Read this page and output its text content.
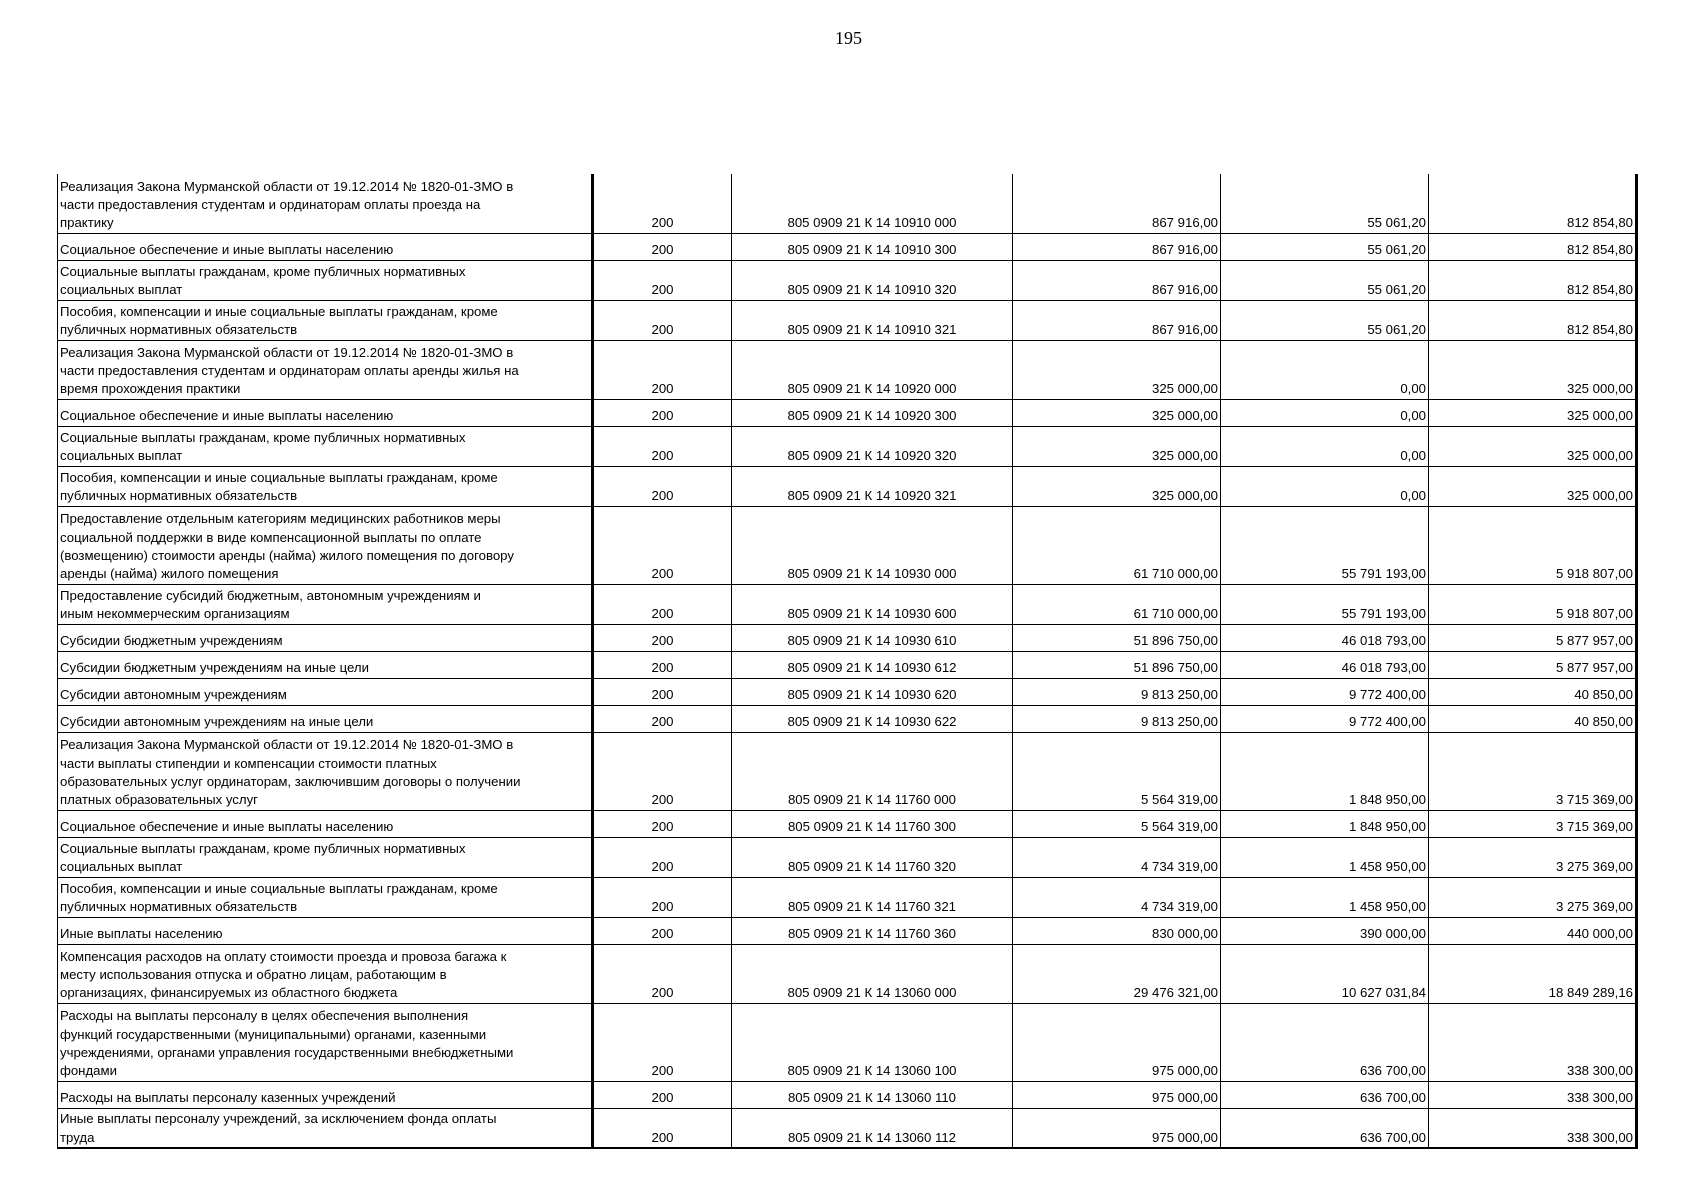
195
Реализация Закона Мурманской области от 19.12.2014 № 1820-01-ЗМО в
части предоставления студентам и ординаторам оплаты проезда на
практику	200	805 0909 21 К 14 10910 000	867 916,00	55 061,20	812 854,80

Социальное обеспечение и иные выплаты населению	200	805 0909 21 К 14 10910 300	867 916,00	55 061,20	812 854,80

Социальные выплаты гражданам, кроме публичных нормативных
социальных выплат	200	805 0909 21 К 14 10910 320	867 916,00	55 061,20	812 854,80

Пособия, компенсации и иные социальные выплаты гражданам, кроме
публичных нормативных обязательств	200	805 0909 21 К 14 10910 321	867 916,00	55 061,20	812 854,80

Реализация Закона Мурманской области от 19.12.2014 № 1820-01-ЗМО в
части предоставления студентам и ординаторам оплаты аренды жилья на
время прохождения практики	200	805 0909 21 К 14 10920 000	325 000,00	0,00	325 000,00

Социальное обеспечение и иные выплаты населению	200	805 0909 21 К 14 10920 300	325 000,00	0,00	325 000,00

Социальные выплаты гражданам, кроме публичных нормативных
социальных выплат	200	805 0909 21 К 14 10920 320	325 000,00	0,00	325 000,00

Пособия, компенсации и иные социальные выплаты гражданам, кроме
публичных нормативных обязательств	200	805 0909 21 К 14 10920 321	325 000,00	0,00	325 000,00

Предоставление отдельным категориям медицинских работников меры
социальной поддержки в виде компенсационной выплаты по оплате
(возмещению) стоимости аренды (найма) жилого помещения по договору
аренды (найма) жилого помещения	200	805 0909 21 К 14 10930 000	61 710 000,00	55 791 193,00	5 918 807,00

Предоставление субсидий бюджетным, автономным учреждениям и
иным некоммерческим организациям	200	805 0909 21 К 14 10930 600	61 710 000,00	55 791 193,00	5 918 807,00

Субсидии бюджетным учреждениям	200	805 0909 21 К 14 10930 610	51 896 750,00	46 018 793,00	5 877 957,00

Субсидии бюджетным учреждениям на иные цели	200	805 0909 21 К 14 10930 612	51 896 750,00	46 018 793,00	5 877 957,00

Субсидии автономным учреждениям	200	805 0909 21 К 14 10930 620	9 813 250,00	9 772 400,00	40 850,00

Субсидии автономным учреждениям на иные цели	200	805 0909 21 К 14 10930 622	9 813 250,00	9 772 400,00	40 850,00

Реализация Закона Мурманской области от 19.12.2014 № 1820-01-ЗМО в
части выплаты стипендии и компенсации стоимости платных
образовательных услуг ординаторам, заключившим договоры о получении
платных образовательных услуг	200	805 0909 21 К 14 11760 000	5 564 319,00	1 848 950,00	3 715 369,00

Социальное обеспечение и иные выплаты населению	200	805 0909 21 К 14 11760 300	5 564 319,00	1 848 950,00	3 715 369,00

Социальные выплаты гражданам, кроме публичных нормативных
социальных выплат	200	805 0909 21 К 14 11760 320	4 734 319,00	1 458 950,00	3 275 369,00

Пособия, компенсации и иные социальные выплаты гражданам, кроме
публичных нормативных обязательств	200	805 0909 21 К 14 11760 321	4 734 319,00	1 458 950,00	3 275 369,00

Иные выплаты населению	200	805 0909 21 К 14 11760 360	830 000,00	390 000,00	440 000,00

Компенсация расходов на оплату стоимости проезда и провоза багажа к
месту использования отпуска и обратно лицам, работающим в
организациях, финансируемых из областного бюджета	200	805 0909 21 К 14 13060 000	29 476 321,00	10 627 031,84	18 849 289,16

Расходы на выплаты персоналу в целях обеспечения выполнения
функций государственными (муниципальными) органами, казенными
учреждениями, органами управления государственными внебюджетными
фондами	200	805 0909 21 К 14 13060 100	975 000,00	636 700,00	338 300,00

Расходы на выплаты персоналу казенных учреждений	200	805 0909 21 К 14 13060 110	975 000,00	636 700,00	338 300,00

Иные выплаты персоналу учреждений, за исключением фонда оплаты
труда	200	805 0909 21 К 14 13060 112	975 000,00	636 700,00	338 300,00
